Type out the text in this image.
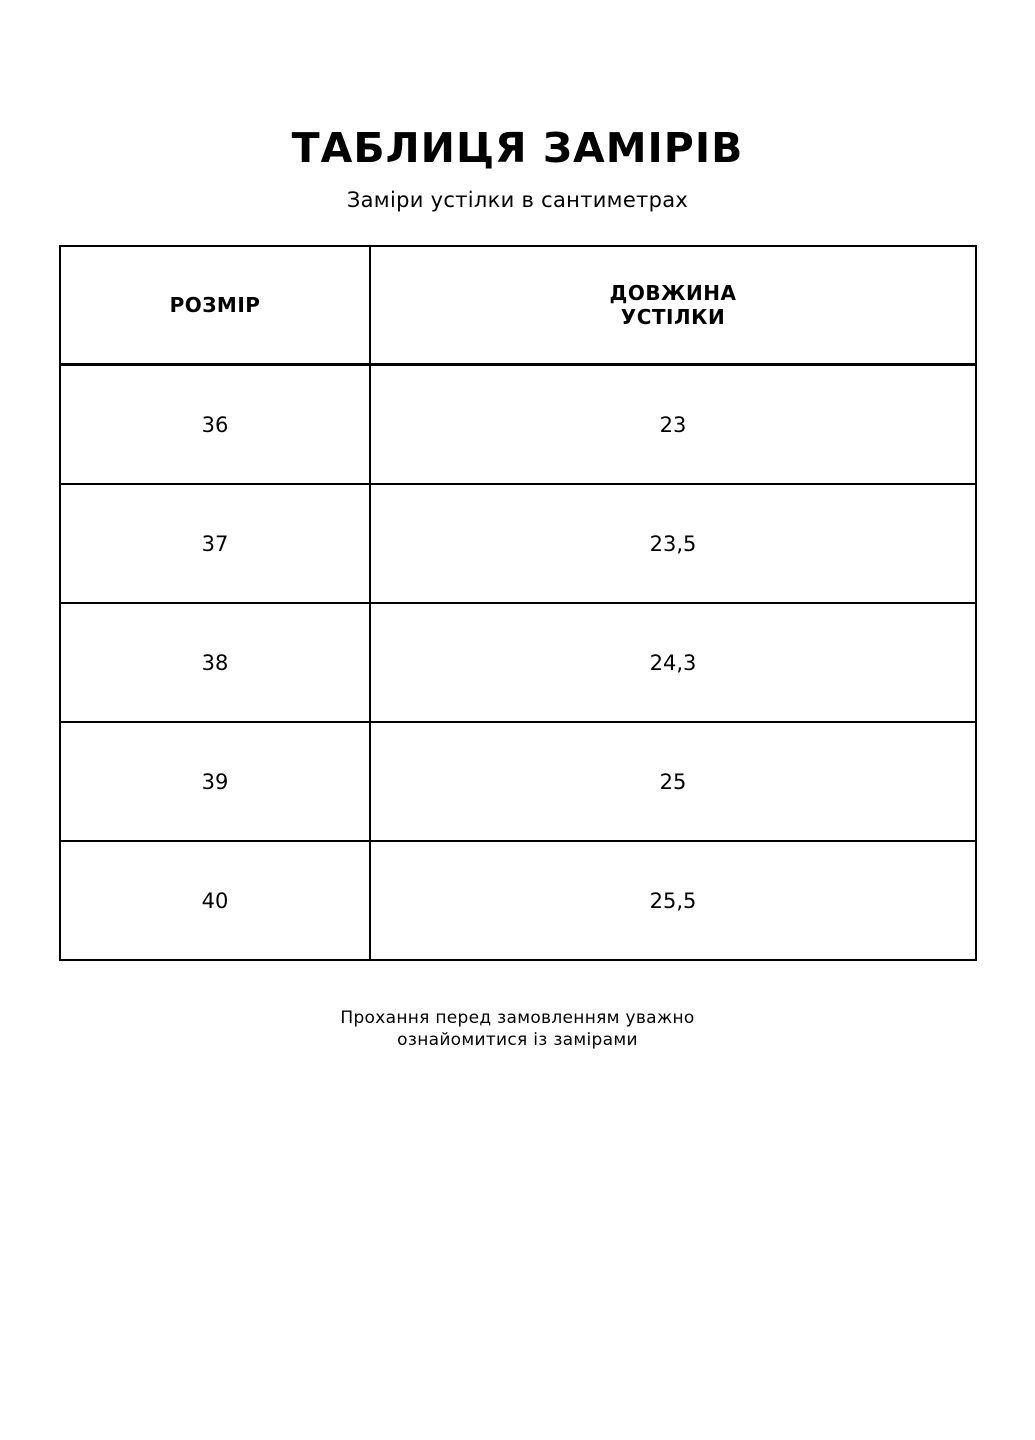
ТАБЛИЦЯ ЗАМІРІВ
Заміри устілки в сантиметрах
РОЗМІР	ДОВЖИНА
УСТІЛКИ

36	23
37	23,5
38	24,3
39	25
40	25,5
Прохання перед замовленням уважно
ознайомитися із замірами
